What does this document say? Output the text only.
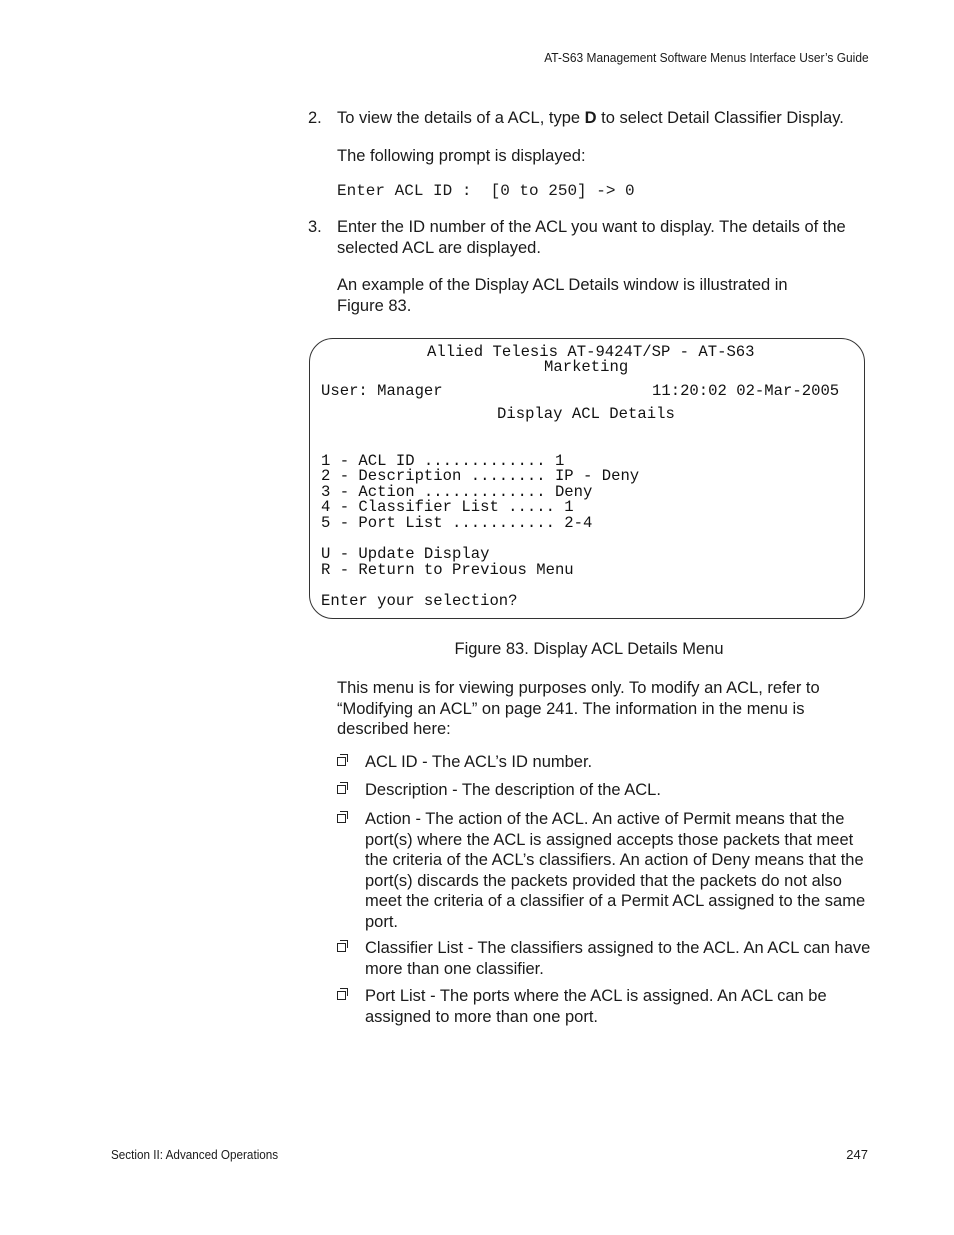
AT-S63 Management Software Menus Interface User’s Guide
2. To view the details of a ACL, type D to select Detail Classifier Display.
The following prompt is displayed:
Enter ACL ID :  [0 to 250] -> 0
3. Enter the ID number of the ACL you want to display. The details of the selected ACL are displayed.
An example of the Display ACL Details window is illustrated in Figure 83.
Allied Telesis AT-9424T/SP - AT-S63
Marketing
User: Manager	11:20:02 02-Mar-2005
Display ACL Details
1 - ACL ID ............. 1
2 - Description ........ IP - Deny
3 - Action ............. Deny
4 - Classifier List ..... 1
5 - Port List ........... 2-4
U - Update Display
R - Return to Previous Menu
Enter your selection?
Figure 83. Display ACL Details Menu
This menu is for viewing purposes only. To modify an ACL, refer to “Modifying an ACL” on page 241. The information in the menu is described here:
ACL ID - The ACL’s ID number.
Description - The description of the ACL.
Action - The action of the ACL. An active of Permit means that the port(s) where the ACL is assigned accepts those packets that meet the criteria of the ACL’s classifiers. An action of Deny means that the port(s) discards the packets provided that the packets do not also meet the criteria of a classifier of a Permit ACL assigned to the same port.
Classifier List - The classifiers assigned to the ACL. An ACL can have more than one classifier.
Port List - The ports where the ACL is assigned. An ACL can be assigned to more than one port.
Section II: Advanced Operations	247
